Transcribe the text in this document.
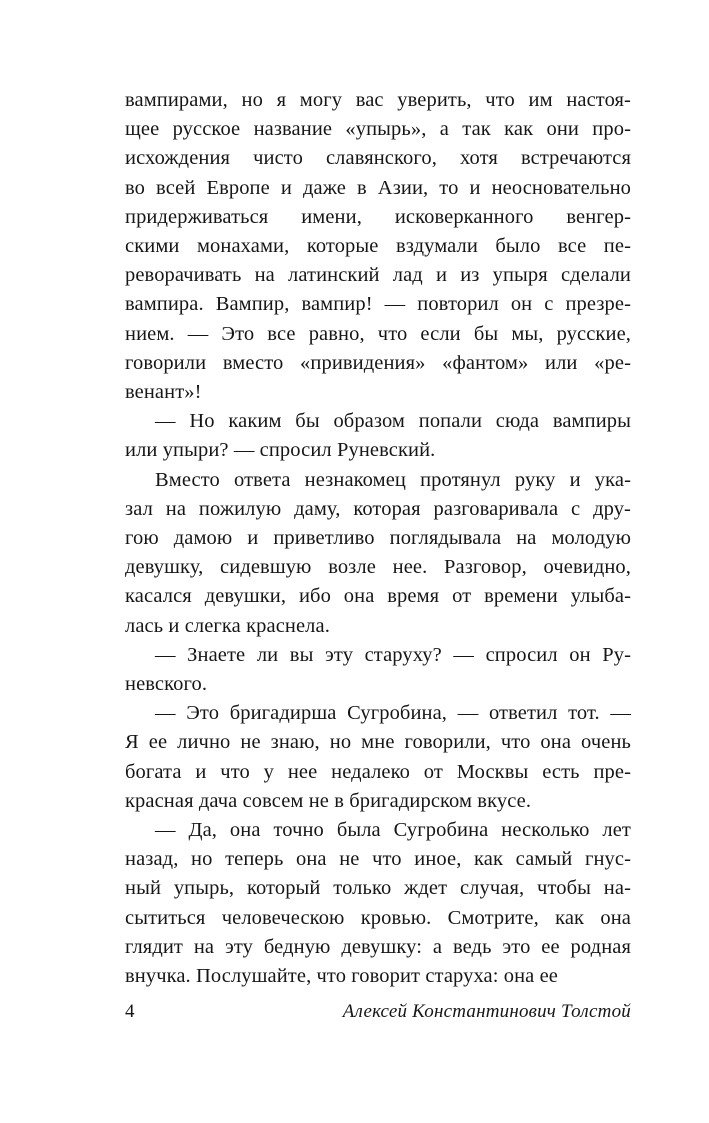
вампирами, но я могу вас уверить, что им настоя-
щее русское название «упырь», а так как они про-
исхождения чисто славянского, хотя встречаются
во всей Европе и даже в Азии, то и неосновательно
придерживаться имени, исковерканного венгер-
скими монахами, которые вздумали было все пе-
реворачивать на латинский лад и из упыря сделали
вампира. Вампир, вампир! — повторил он с презре-
нием. — Это все равно, что если бы мы, русские,
говорили вместо «привидения» «фантом» или «ре-
венант»!
— Но каким бы образом попали сюда вампиры
или упыри? — спросил Руневский.
Вместо ответа незнакомец протянул руку и ука-
зал на пожилую даму, которая разговаривала с дру-
гою дамою и приветливо поглядывала на молодую
девушку, сидевшую возле нее. Разговор, очевидно,
касался девушки, ибо она время от времени улыба-
лась и слегка краснела.
— Знаете ли вы эту старуху? — спросил он Ру-
невского.
— Это бригадирша Сугробина, — ответил тот. —
Я ее лично не знаю, но мне говорили, что она очень
богата и что у нее недалеко от Москвы есть пре-
красная дача совсем не в бригадирском вкусе.
— Да, она точно была Сугробина несколько лет
назад, но теперь она не что иное, как самый гнус-
ный упырь, который только ждет случая, чтобы на-
сытиться человеческою кровью. Смотрите, как она
глядит на эту бедную девушку: а ведь это ее родная
внучка. Послушайте, что говорит старуха: она ее
4	Алексей Константинович Толстой
